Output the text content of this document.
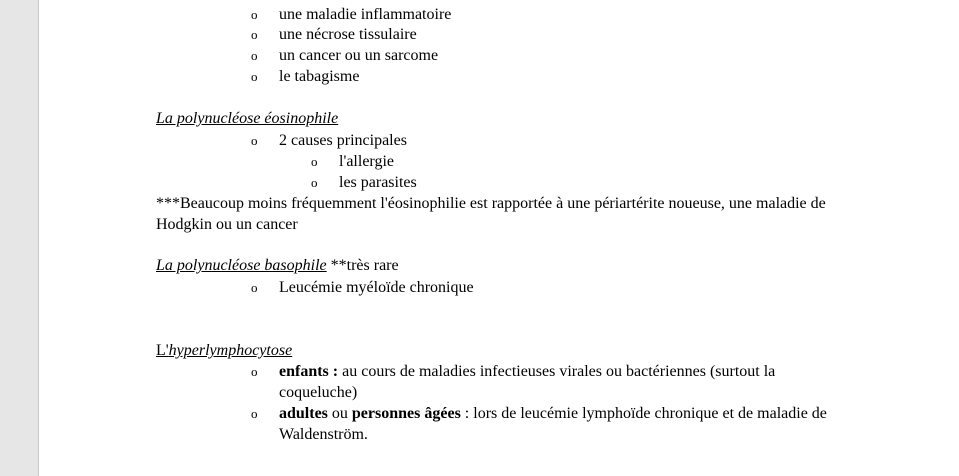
o une maladie inflammatoire
o une nécrose tissulaire
o un cancer ou un sarcome
o le tabagisme
La polynucléose éosinophile
o 2 causes principales
o l'allergie
o les parasites
***Beaucoup moins fréquemment l'éosinophilie est rapportée à une périartérite noueuse, une maladie de
Hodgkin ou un cancer
La polynucléose basophile **très rare
o Leucémie myéloïde chronique
L'hyperlymphocytose
o enfants : au cours de maladies infectieuses virales ou bactériennes (surtout la
coqueluche)
o adultes ou personnes âgées : lors de leucémie lymphoïde chronique et de maladie de
Waldenström.
